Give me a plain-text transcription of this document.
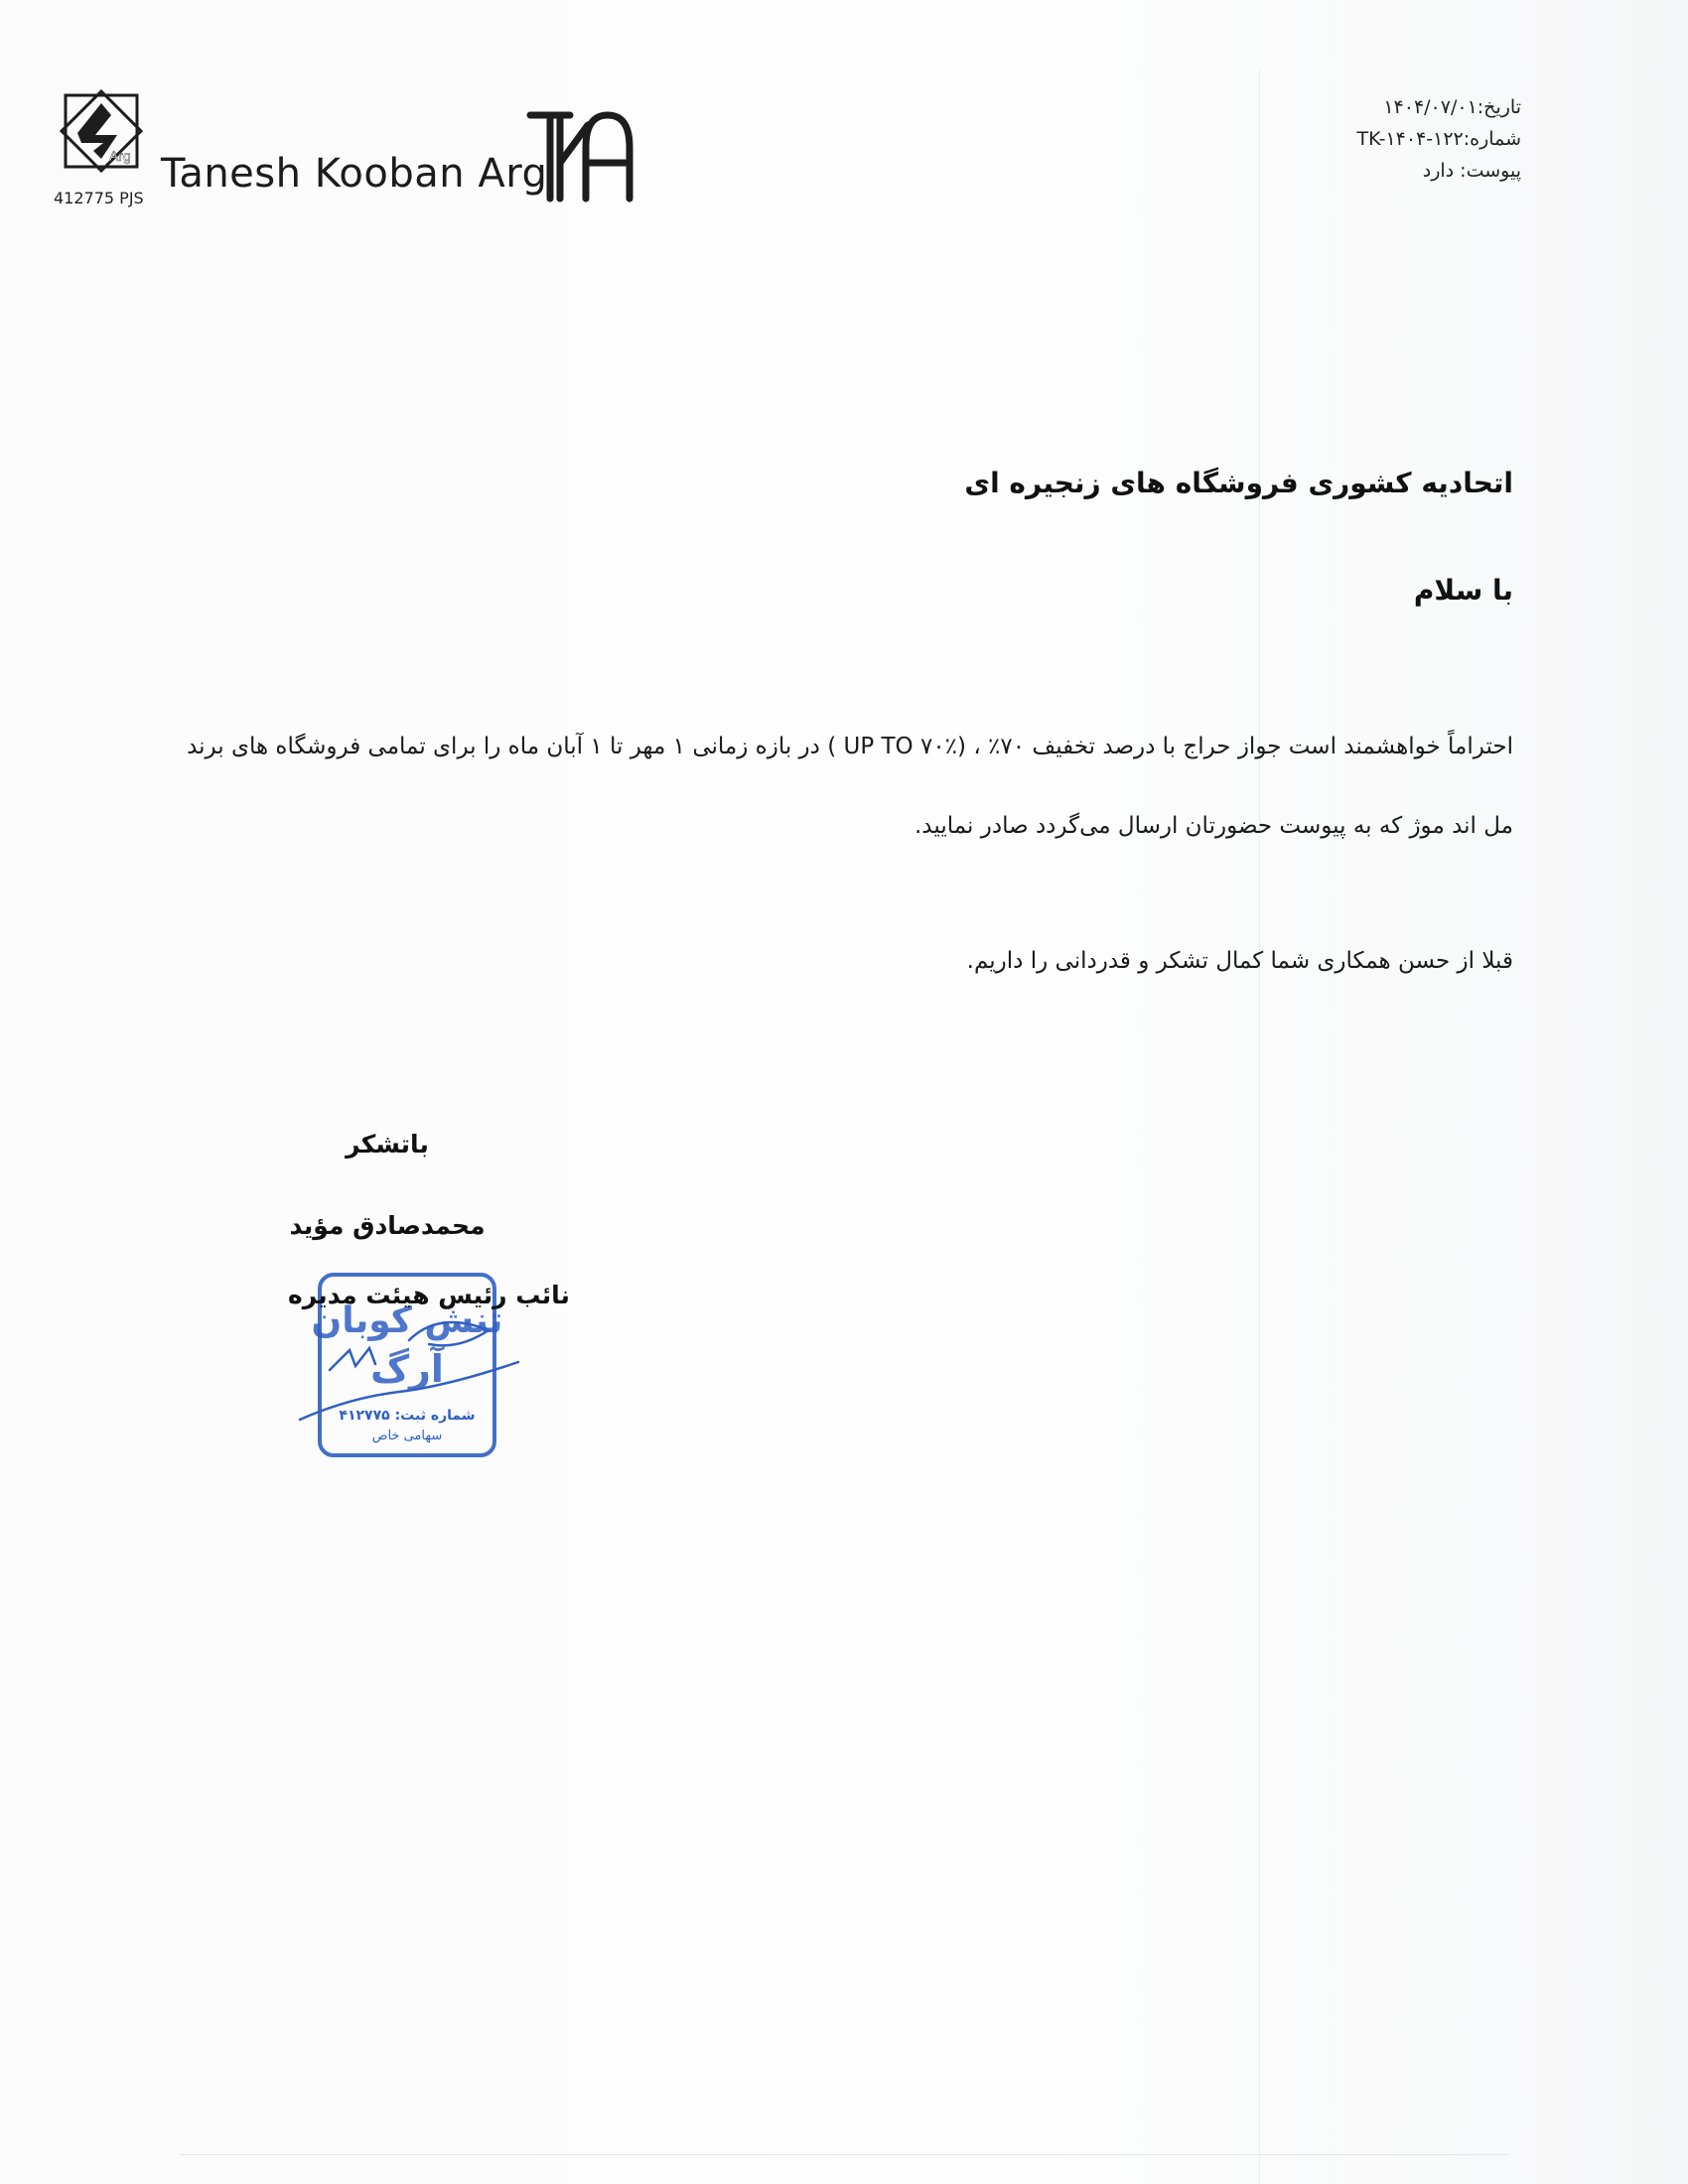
Arg
412775 PJS
Tanesh Kooban Arg
تاریخ:۱۴۰۴/۰۷/۰۱
شماره:TK-۱۴۰۴-۱۲۲
پیوست: دارد
اتحادیه کشوری فروشگاه های زنجیره ای
با سلام
احتراماً خواهشمند است جواز حراج با درصد تخفیف ۷۰٪ ، (UP TO ۷۰٪ ) در بازه زمانی ۱ مهر تا ۱ آبان ماه را برای تمامی فروشگاه های برند مل اند موژ که به پیوست حضورتان ارسال می‌گردد صادر نمایید.
قبلا از حسن همکاری شما کمال تشکر و قدردانی را داریم.
باتشکر
محمدصادق مؤید
تنش کوبان
آرگ
شماره ثبت: ۴۱۲۷۷۵
سهامی خاص
نائب رئیس هیئت مدیره
